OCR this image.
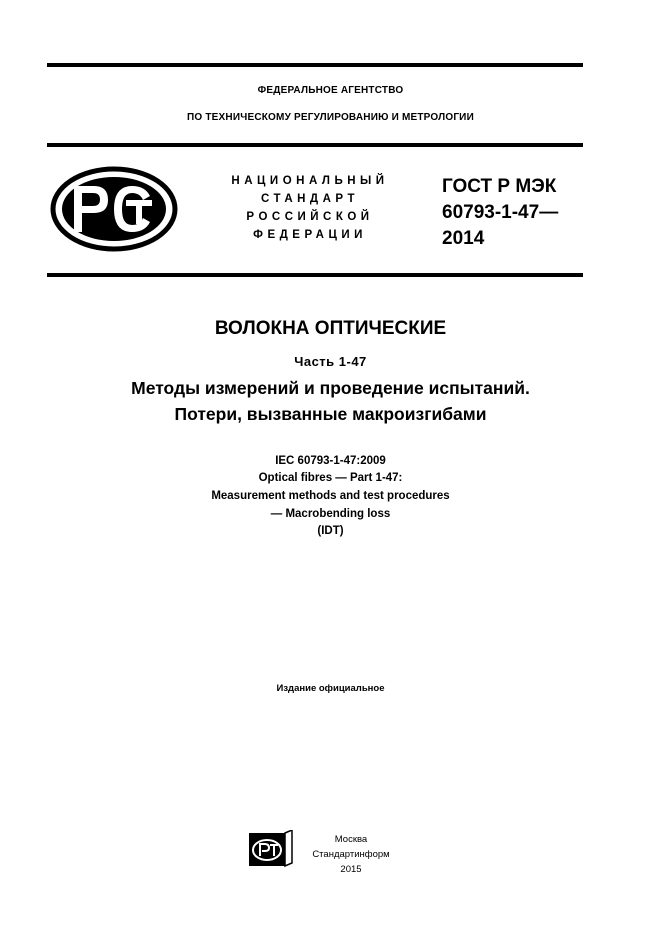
ФЕДЕРАЛЬНОЕ АГЕНТСТВО
ПО ТЕХНИЧЕСКОМУ РЕГУЛИРОВАНИЮ И МЕТРОЛОГИИ
НАЦИОНАЛЬНЫЙ
СТАНДАРТ
РОССИЙСКОЙ
ФЕДЕРАЦИИ
ГОСТ Р МЭК
60793-1-47—
2014
ВОЛОКНА ОПТИЧЕСКИЕ
Часть 1-47
Методы измерений и проведение испытаний.
Потери, вызванные макроизгибами
IEC 60793-1-47:2009
Optical fibres — Part 1-47:
Measurement methods and test procedures
— Macrobending loss
(IDT)
Издание официальное
Москва
Стандартинформ
2015
